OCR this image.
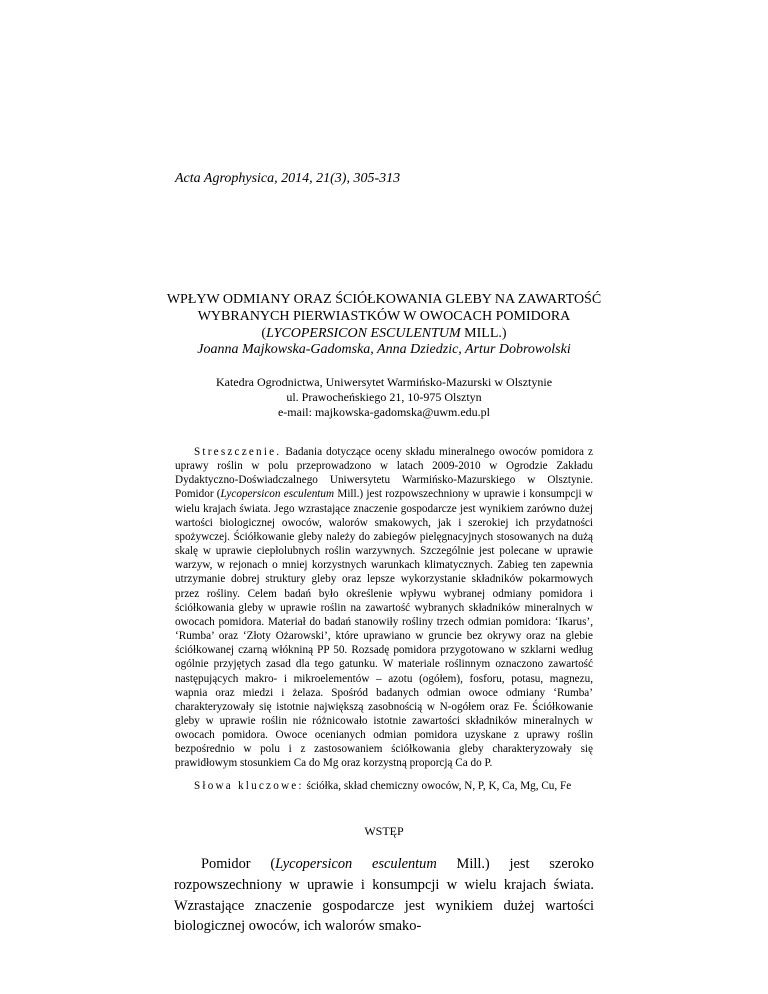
Acta Agrophysica, 2014, 21(3), 305-313

WPŁYW ODMIANY ORAZ ŚCIÓŁKOWANIA GLEBY NA ZAWARTOŚĆ
WYBRANYCH PIERWIASTKÓW W OWOCACH POMIDORA
(LYCOPERSICON ESCULENTUM MILL.)

Joanna Majkowska-Gadomska, Anna Dziedzic, Artur Dobrowolski

Katedra Ogrodnictwa, Uniwersytet Warmińsko-Mazurski w Olsztynie
ul. Prawocheńskiego 21, 10-975 Olsztyn
e-mail: majkowska-gadomska@uwm.edu.pl

Streszczenie. Badania dotyczące oceny składu mineralnego owoców pomidora z uprawy roślin w polu przeprowadzono w latach 2009-2010 w Ogrodzie Zakładu Dydaktyczno-Doświadczalnego Uniwersytetu Warmińsko-Mazurskiego w Olsztynie. Pomidor (Lycopersicon esculentum Mill.) jest rozpowszechniony w uprawie i konsumpcji w wielu krajach świata. Jego wzrastające znaczenie gospodarcze jest wynikiem zarówno dużej wartości biologicznej owoców, walorów smakowych, jak i szerokiej ich przydatności spożywczej. Ściółkowanie gleby należy do zabiegów pielęgnacyjnych stosowanych na dużą skalę w uprawie ciepłolubnych roślin warzywnych. Szczególnie jest polecane w uprawie warzyw, w rejonach o mniej korzystnych warunkach klimatycznych. Zabieg ten zapewnia utrzymanie dobrej struktury gleby oraz lepsze wykorzystanie składników pokarmowych przez rośliny. Celem badań było określenie wpływu wybranej odmiany pomidora i ściółkowania gleby w uprawie roślin na zawartość wybranych składników mineralnych w owocach pomidora. Materiał do badań stanowiły rośliny trzech odmian pomidora: ‘Ikarus’, ‘Rumba’ oraz ‘Złoty Ożarowski’, które uprawiano w gruncie bez okrywy oraz na glebie ściółkowanej czarną włókniną PP 50. Rozsadę pomidora przygotowano w szklarni według ogólnie przyjętych zasad dla tego gatunku. W materiale roślinnym oznaczono zawartość następujących makro- i mikroelementów – azotu (ogółem), fosforu, potasu, magnezu, wapnia oraz miedzi i żelaza. Spośród badanych odmian owoce odmiany ‘Rumba’ charakteryzowały się istotnie największą zasobnością w N-ogółem oraz Fe. Ściółkowanie gleby w uprawie roślin nie różnicowało istotnie zawartości składników mineralnych w owocach pomidora. Owoce ocenianych odmian pomidora uzyskane z uprawy roślin bezpośrednio w polu i z zastosowaniem ściółkowania gleby charakteryzowały się prawidłowym stosunkiem Ca do Mg oraz korzystną proporcją Ca do P.

Słowa kluczowe: ściółka, skład chemiczny owoców, N, P, K, Ca, Mg, Cu, Fe

WSTĘP

Pomidor (Lycopersicon esculentum Mill.) jest szeroko rozpowszechniony w uprawie i konsumpcji w wielu krajach świata. Wzrastające znaczenie gospodarcze jest wynikiem dużej wartości biologicznej owoców, ich walorów smako-
